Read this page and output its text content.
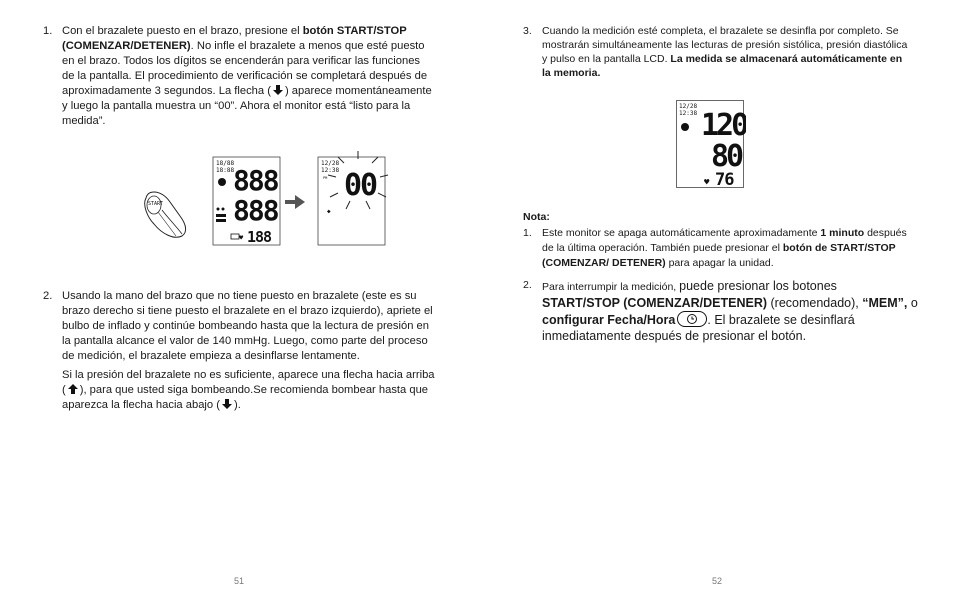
1. Con el brazalete puesto en el brazo, presione el botón START/STOP (COMENZAR/DETENER). No infle el brazalete a menos que esté puesto en el brazo. Todos los dígitos se encenderán para verificar las funciones de la pantalla. El procedimiento de verificación se completará después de aproximadamente 3 segundos. La flecha ( ) aparece momentáneamente y luego la pantalla muestra un “00”. Ahora el monitor está “listo para la medida”.
START
18/88
18:88
888
888
♥ 188
12/28
12:38
PM 00
◆
2. Usando la mano del brazo que no tiene puesto en brazalete (este es su brazo derecho si tiene puesto el brazalete en el brazo izquierdo), apriete el bulbo de inflado y continúe bombeando hasta que la lectura de presión en la pantalla alcance el valor de 140 mmHg. Luego, como parte del proceso de medición, el brazalete empieza a desinflarse lentamente.
Si la presión del brazalete no es suficiente, aparece una flecha hacia arriba ( ), para que usted siga bombeando.Se recomienda bombear hasta que aparezca la flecha hacia abajo ( ).
51
3. Cuando la medición esté completa, el brazalete se desinfla por completo. Se mostrarán simultáneamente las lecturas de presión sistólica, presión diastólica y pulso en la pantalla LCD. La medida se almacenará automáticamente en la memoria.
12/28
12:38 120
80
♥ 76
Nota:
1. Este monitor se apaga automáticamente aproximadamente 1 minuto después de la última operación. También puede presionar el botón de START/STOP (COMENZAR/ DETENER) para apagar la unidad.
2. Para interrumpir la medición, puede presionar los botones START/STOP (COMENZAR/DETENER) (recomendado), “MEM”, o configurar Fecha/Hora	. El brazalete se desinflará inmediatamente después de presionar el botón.
52
